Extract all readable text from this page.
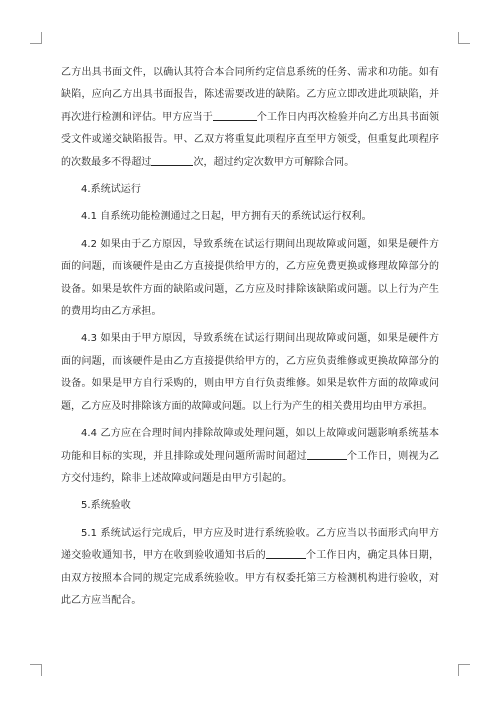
乙方出具书面文件，以确认其符合本合同所约定信息系统的任务、需求和功能。如有缺陷，应向乙方出具书面报告，陈述需要改进的缺陷。乙方应立即改进此项缺陷，并再次进行检测和评估。甲方应当于	个工作日内再次检验并向乙方出具书面领受文件或递交缺陷报告。甲、乙双方将重复此项程序直至甲方领受，但重复此项程序的次数最多不得超过	次，超过约定次数甲方可解除合同。

4.系统试运行

4.1 自系统功能检测通过之日起，甲方拥有天的系统试运行权利。

4.2 如果由于乙方原因，导致系统在试运行期间出现故障或问题，如果是硬件方面的问题，而该硬件是由乙方直接提供给甲方的，乙方应免费更换或修理故障部分的设备。如果是软件方面的缺陷或问题，乙方应及时排除该缺陷或问题。以上行为产生的费用均由乙方承担。

4.3 如果由于甲方原因，导致系统在试运行期间出现故障或问题，如果是硬件方面的问题，而该硬件是由乙方直接提供给甲方的，乙方应负责维修或更换故障部分的设备。如果是甲方自行采购的，则由甲方自行负责维修。如果是软件方面的故障或问题，乙方应及时排除该方面的故障或问题。以上行为产生的相关费用均由甲方承担。

4.4 乙方应在合理时间内排除故障或处理问题，如以上故障或问题影响系统基本功能和目标的实现，并且排除或处理问题所需时间超过	个工作日，则视为乙方交付违约，除非上述故障或问题是由甲方引起的。

5.系统验收

5.1 系统试运行完成后，甲方应及时进行系统验收。乙方应当以书面形式向甲方递交验收通知书，甲方在收到验收通知书后的	个工作日内，确定具体日期，由双方按照本合同的规定完成系统验收。甲方有权委托第三方检测机构进行验收，对此乙方应当配合。
